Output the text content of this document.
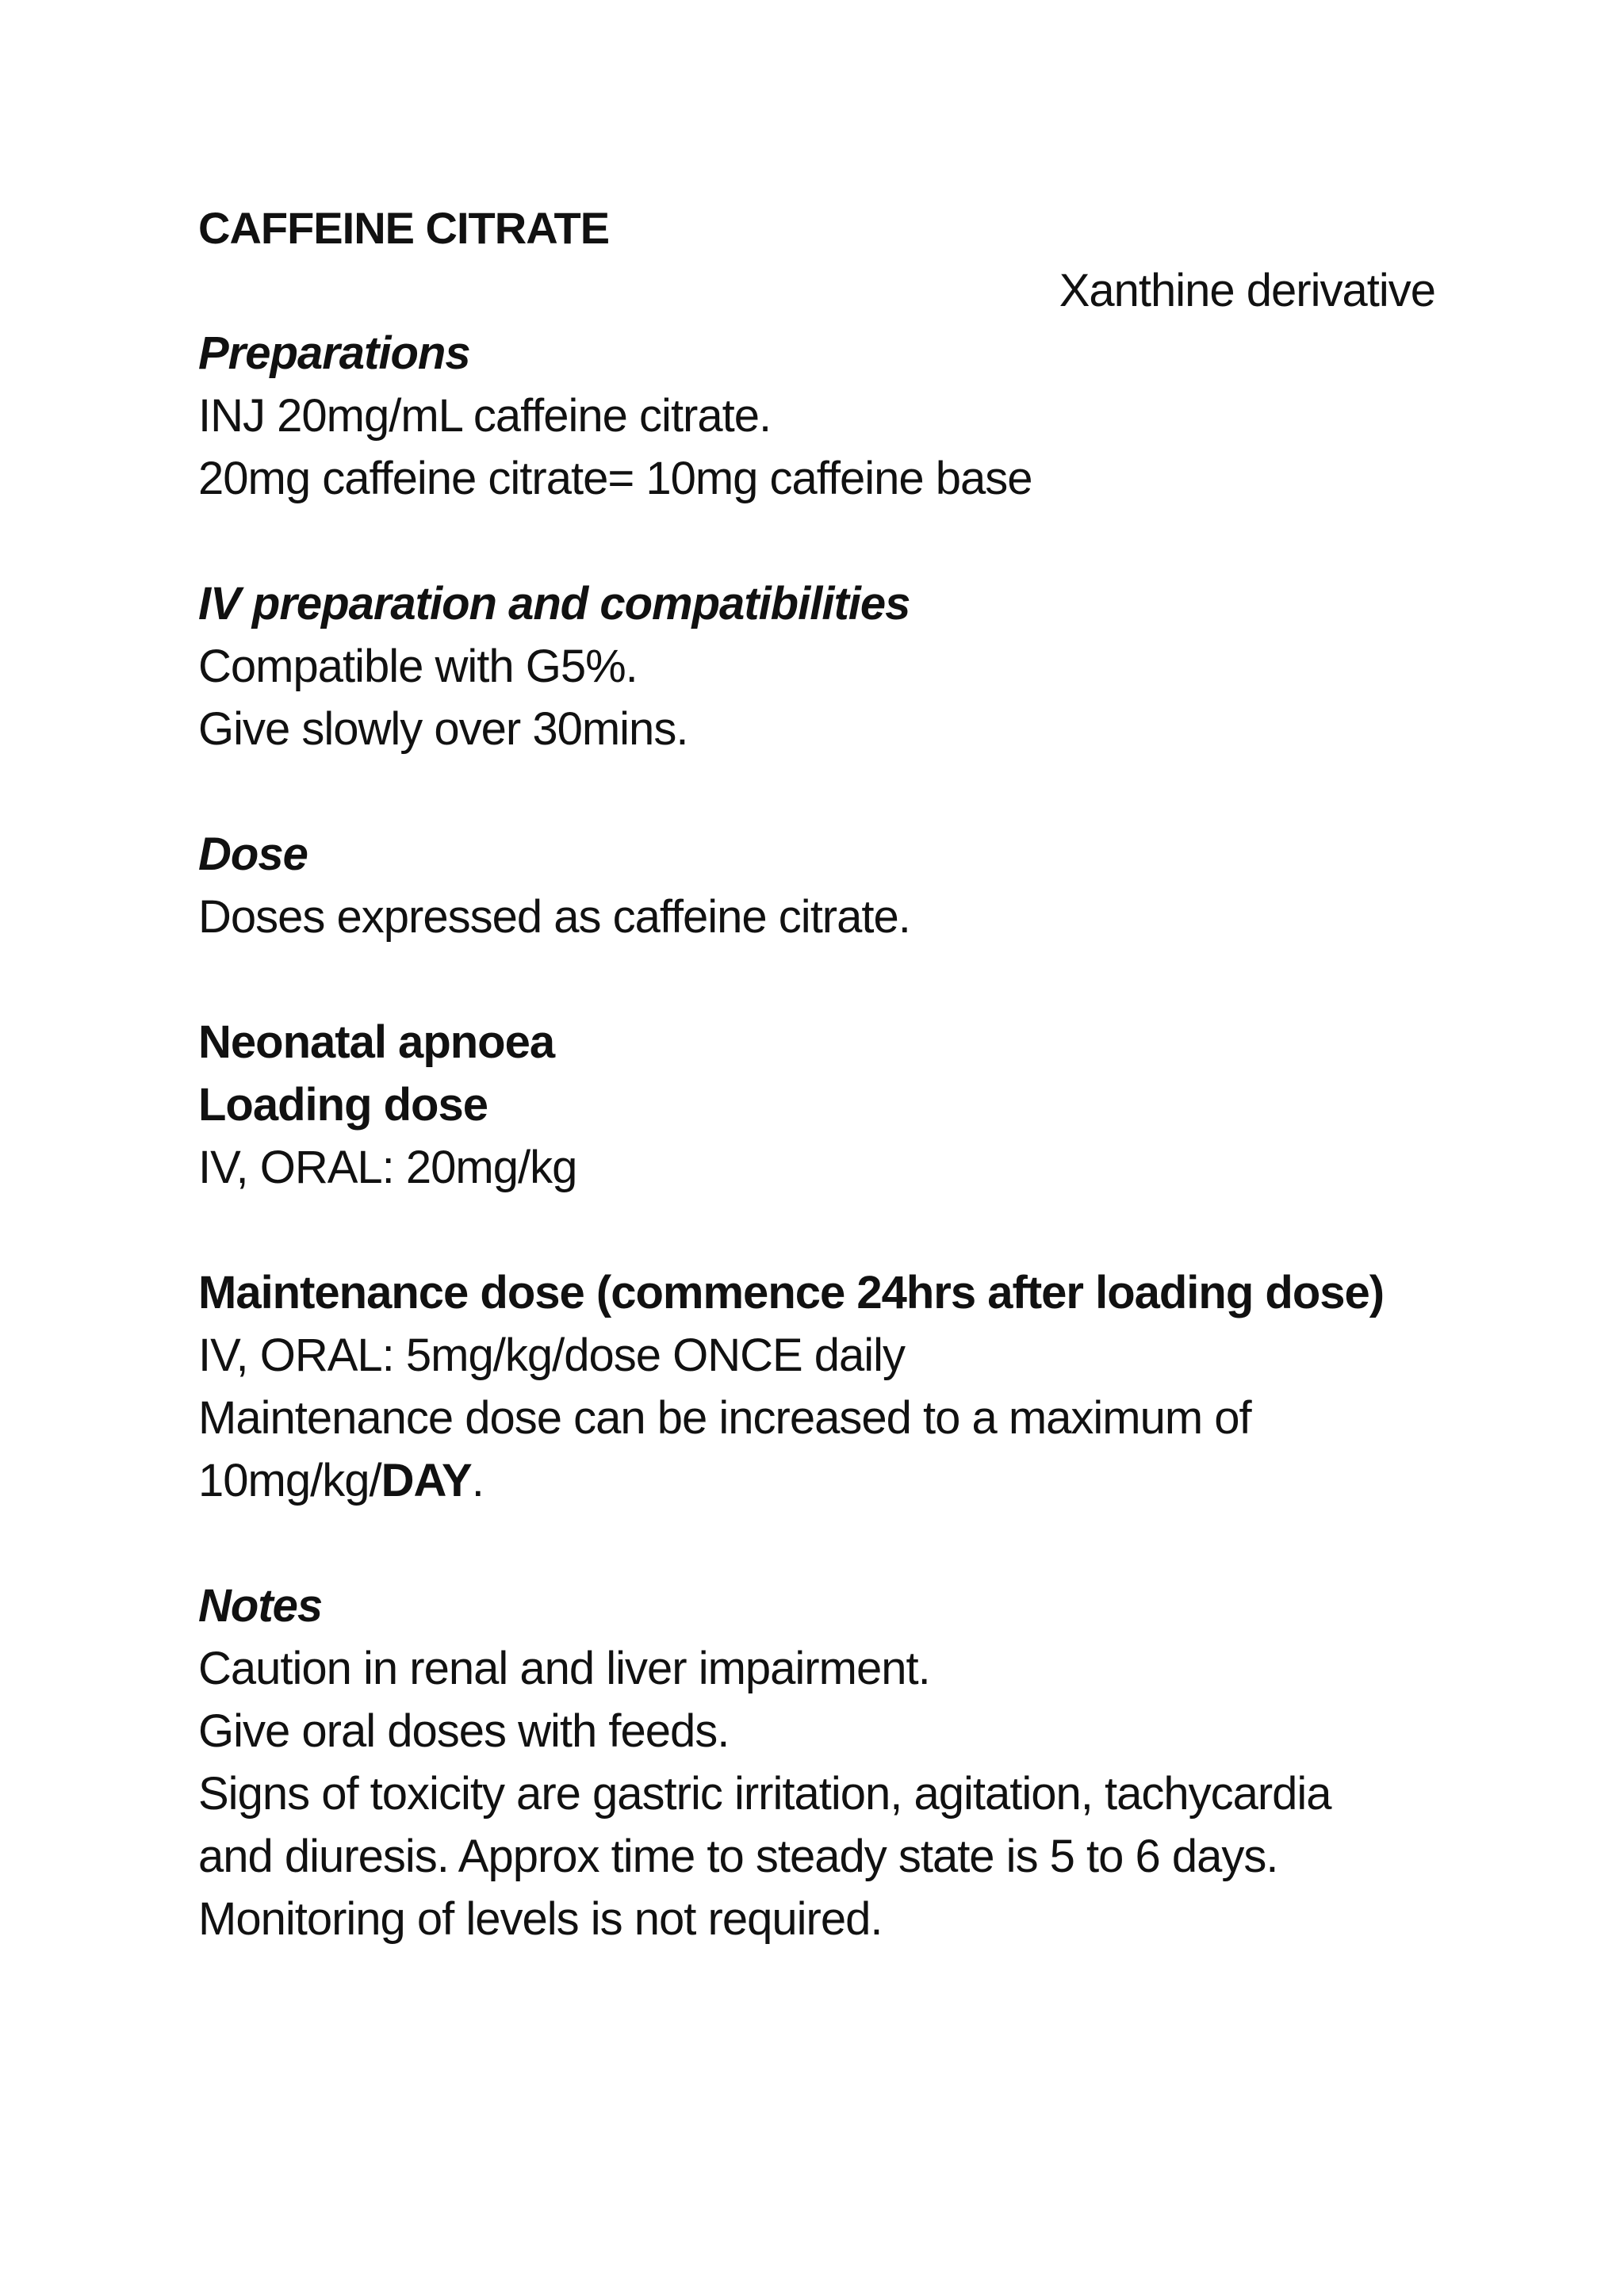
CAFFEINE CITRATE
Xanthine derivative
Preparations
INJ 20mg/mL caffeine citrate.
20mg caffeine citrate= 10mg caffeine base
IV preparation and compatibilities
Compatible with G5%.
Give slowly over 30mins.
Dose
Doses expressed as caffeine citrate.
Neonatal apnoea
Loading dose
IV, ORAL: 20mg/kg
Maintenance dose (commence 24hrs after loading dose)
IV, ORAL: 5mg/kg/dose ONCE daily
Maintenance dose can be increased to a maximum of
10mg/kg/DAY.
Notes
Caution in renal and liver impairment.
Give oral doses with feeds.
Signs of toxicity are gastric irritation, agitation, tachycardia
and diuresis. Approx time to steady state is 5 to 6 days.
Monitoring of levels is not required.
